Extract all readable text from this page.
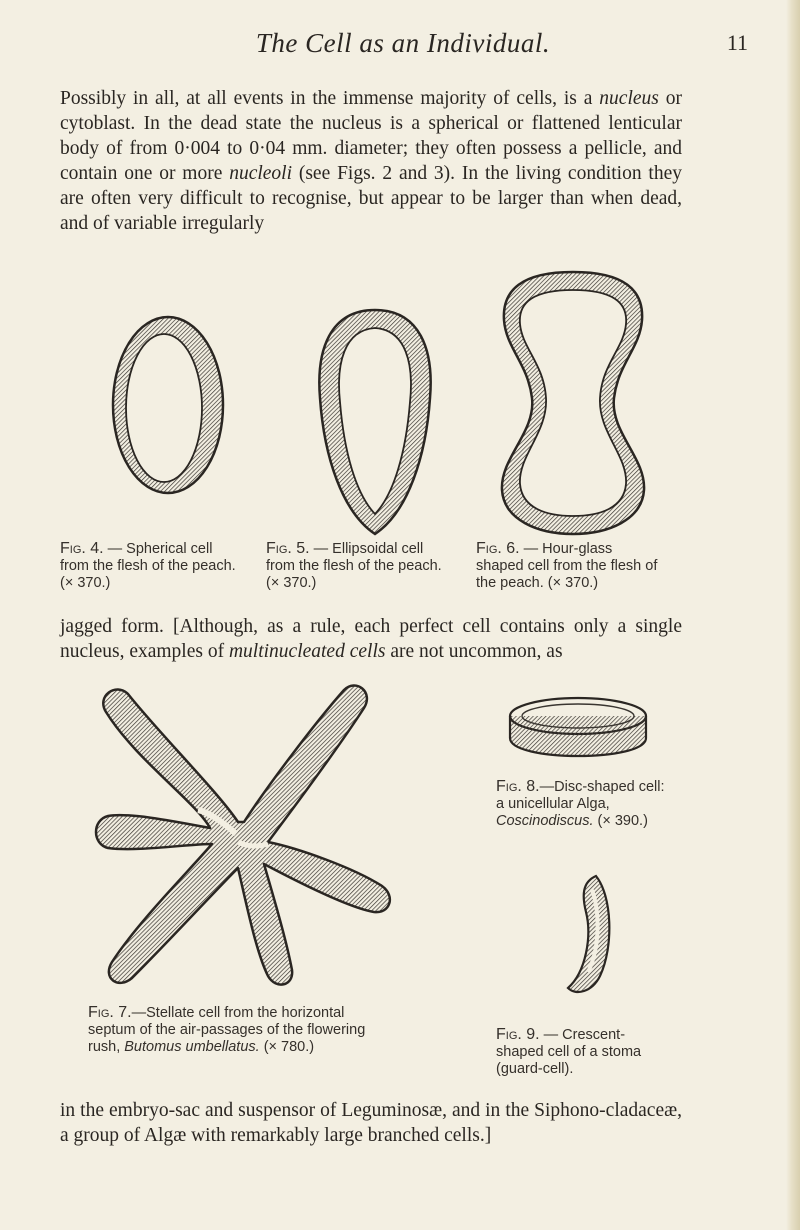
The Cell as an Individual.	11
Possibly in all, at all events in the immense majority of cells, is a nucleus or cytoblast. In the dead state the nucleus is a spherical or flattened lenticular body of from 0·004 to 0·04 mm. diameter; they often possess a pellicle, and contain one or more nucleoli (see Figs. 2 and 3). In the living condition they are often very difficult to recognise, but appear to be larger than when dead, and of variable irregularly
Fig. 4. — Spherical cell from the flesh of the peach. (× 370.)
Fig. 5. — Ellipsoidal cell from the flesh of the peach. (× 370.)
Fig. 6. — Hour-glass shaped cell from the flesh of the peach. (× 370.)
jagged form. [Although, as a rule, each perfect cell contains only a single nucleus, examples of multinucleated cells are not uncommon, as
Fig. 8.—Disc-shaped cell: a unicellular Alga, Coscinodiscus. (× 390.)
Fig. 7.—Stellate cell from the horizontal septum of the air-passages of the flowering rush, Butomus umbellatus. (× 780.)
Fig. 9. — Crescent-shaped cell of a stoma (guard-cell).
in the embryo-sac and suspensor of Leguminosæ, and in the Siphono-cladaceæ, a group of Algæ with remarkably large branched cells.]
